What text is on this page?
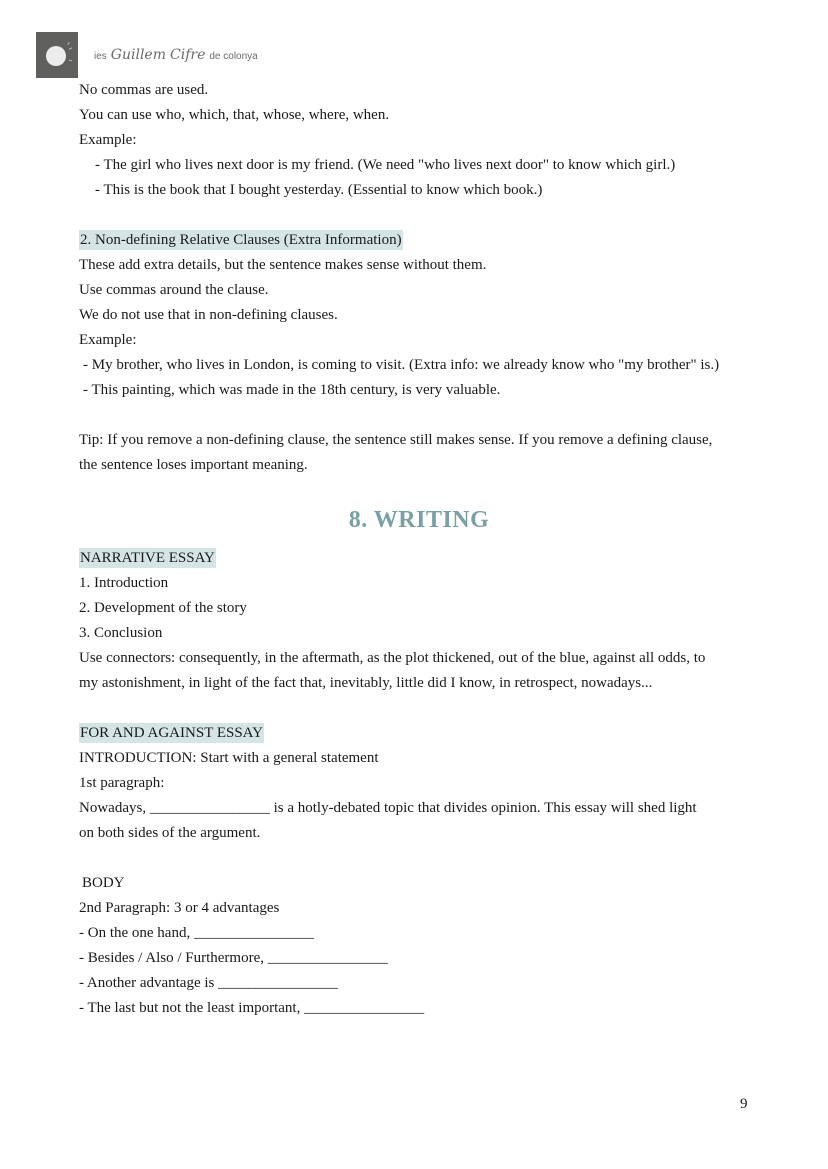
ies Guillem Cifre de colonya
No commas are used.
You can use who, which, that, whose, where, when.
Example:
- The girl who lives next door is my friend. (We need "who lives next door" to know which girl.)
- This is the book that I bought yesterday. (Essential to know which book.)
2. Non-defining Relative Clauses (Extra Information)
These add extra details, but the sentence makes sense without them.
Use commas around the clause.
We do not use that in non-defining clauses.
Example:
- My brother, who lives in London, is coming to visit. (Extra info: we already know who "my brother" is.)
- This painting, which was made in the 18th century, is very valuable.
Tip: If you remove a non-defining clause, the sentence still makes sense. If you remove a defining clause,
the sentence loses important meaning.
8. WRITING
NARRATIVE ESSAY
1. Introduction
2. Development of the story
3. Conclusion
Use connectors: consequently, in the aftermath, as the plot thickened, out of the blue, against all odds, to
my astonishment, in light of the fact that, inevitably, little did I know, in retrospect, nowadays...
FOR AND AGAINST ESSAY
INTRODUCTION: Start with a general statement
1st paragraph:
Nowadays, ________________ is a hotly-debated topic that divides opinion. This essay will shed light
on both sides of the argument.
BODY
2nd Paragraph: 3 or 4 advantages
- On the one hand, ________________
- Besides / Also / Furthermore, ________________
- Another advantage is ________________
- The last but not the least important, ________________
9
